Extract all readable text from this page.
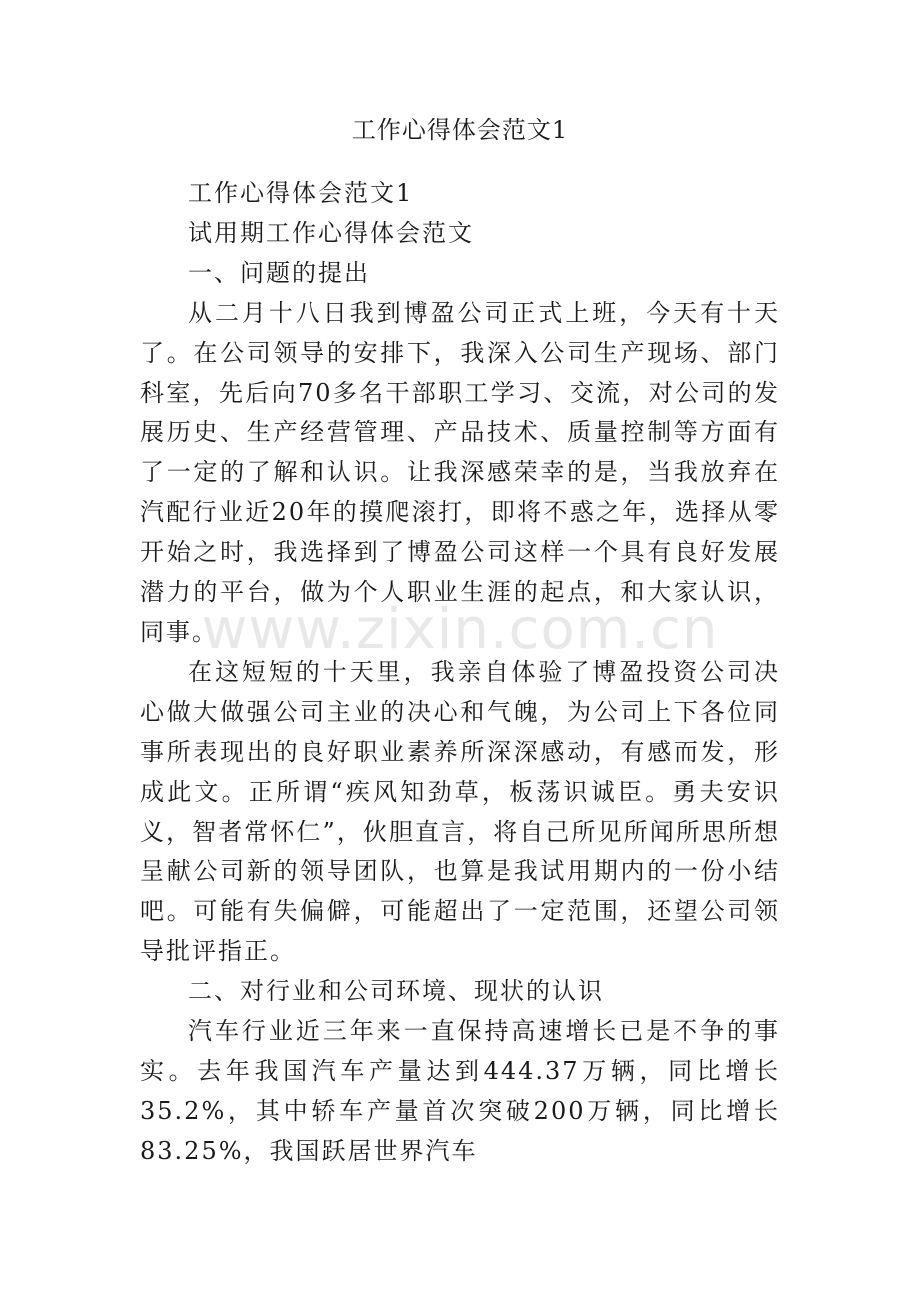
工作心得体会范文1

工作心得体会范文1

试用期工作心得体会范文

一、问题的提出

从二月十八日我到博盈公司正式上班，今天有十天了。在公司领导的安排下，我深入公司生产现场、部门科室，先后向70多名干部职工学习、交流，对公司的发展历史、生产经营管理、产品技术、质量控制等方面有了一定的了解和认识。让我深感荣幸的是，当我放弃在汽配行业近20年的摸爬滚打，即将不惑之年，选择从零开始之时，我选择到了博盈公司这样一个具有良好发展潜力的平台，做为个人职业生涯的起点，和大家认识，同事。

在这短短的十天里，我亲自体验了博盈投资公司决心做大做强公司主业的决心和气魄，为公司上下各位同事所表现出的良好职业素养所深深感动，有感而发，形成此文。正所谓“疾风知劲草，板荡识诚臣。勇夫安识义，智者常怀仁”，伙胆直言，将自己所见所闻所思所想呈献公司新的领导团队，也算是我试用期内的一份小结吧。可能有失偏僻，可能超出了一定范围，还望公司领导批评指正。

二、对行业和公司环境、现状的认识

汽车行业近三年来一直保持高速增长已是不争的事实。去年我国汽车产量达到444.37万辆，同比增长35.2%，其中轿车产量首次突破200万辆，同比增长83.25%，我国跃居世界汽车

www.zixin.com.cn
